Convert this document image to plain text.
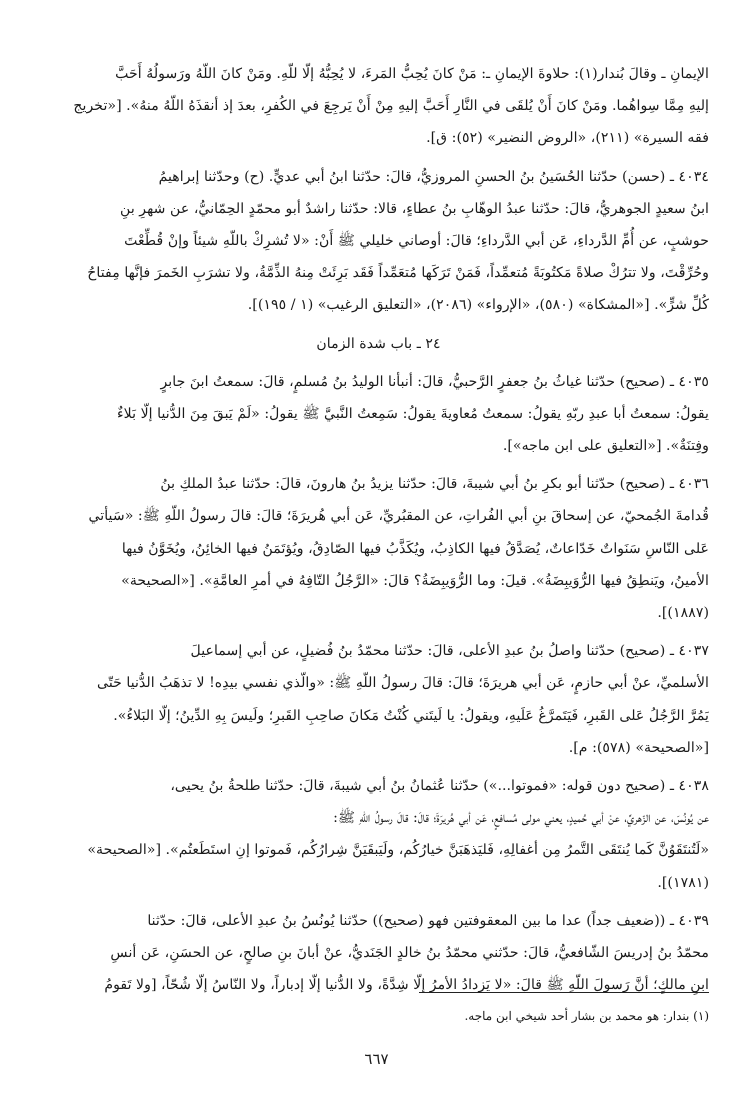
الإيمانِ ـ وقالَ بُندار(١): حلاوةَ الإيمانِ ـ: مَنْ كانَ يُحِبُّ المَرءَ، لا يُحِبُّهُ إلّا للّهِ. ومَنْ كانَ اللّهُ ورَسولُهُ أَحَبَّ
إليهِ مِمَّا سِواهُما. ومَنْ كانَ أَنْ يُلقَى في النَّارِ أَحَبَّ إليهِ مِنْ أَنْ يَرجِعَ في الكُفرِ، بعدَ إذ أنقذَهُ اللّهُ منهُ». [«تخريج
فقه السيرة» (٢١١)، «الروض النضير» (٥٢): ق].
٤٠٣٤ ـ (حسن) حدّثنا الحُسَينُ بنُ الحسنِ المروزيُّ، قالَ: حدّثنا ابنُ أبي عديٍّ. (ح) وحدّثنا إبراهيمُ
ابنُ سعيدٍ الجوهريُّ، قالَ: حدّثنا عبدُ الوهّابِ بنُ عطاءٍ، قالا: حدّثنا راشدٌ أبو محمّدٍ الحِمّانيُّ، عن شهرِ بنِ
حوشبٍ، عن أُمِّ الدَّرداءِ، عَن أبي الدَّرداءِ؛ قالَ: أوصاني خليلي ﷺ أَنْ: «لا تُشرِكْ باللّهِ شيئاً وإنْ قُطِّعْتَ
وحُرِّقْتَ، ولا تترُكْ صلاةً مَكتُوبَةً مُتعمِّداً، فَمَنْ تَرَكَها مُتعَمِّداً فَقَد بَرِئَتْ مِنهُ الذِّمَّةُ، ولا تشرَبِ الخَمرَ فإنَّها مِفتاحُ
كُلِّ شرٍّ». [«المشكاة» (٥٨٠)، «الإرواء» (٢٠٨٦)، «التعليق الرغيب» (١ / ١٩٥)].
٢٤ ـ باب شدة الزمان
٤٠٣٥ ـ (صحيح) حدّثنا غياثُ بنُ جعفرٍ الرَّحبيُّ، قالَ: أنبأنا الوليدُ بنُ مُسلمٍ، قالَ: سمعتُ ابنَ جابرٍ
يقولُ: سمعتُ أبا عبدِ ربّهِ يقولُ: سمعتُ مُعاويةَ يقولُ: سَمِعتُ النَّبيَّ ﷺ يقولُ: «لَمْ يَبقَ مِنَ الدُّنيا إلّا بَلاءٌ
وفِتنَةٌ». [«التعليق على ابن ماجه»].
٤٠٣٦ ـ (صحيح) حدّثنا أبو بكرِ بنُ أبي شيبةَ، قالَ: حدّثنا يزيدُ بنُ هارونَ، قالَ: حدّثنا عبدُ الملكِ بنُ
قُدامةَ الجُمحيّ، عن إسحاقَ بنِ أبي الفُراتِ، عن المقبُريِّ، عَن أبي هُريرَةَ؛ قالَ: قالَ رسولُ اللّهِ ﷺ: «سَيأتي
عَلى النّاسِ سَنَواتٌ خَدّاعاتٌ، يُصَدَّقُ فيها الكاذِبُ، ويُكَذَّبُ فيها الصّادِقُ، ويُؤتَمَنُ فيها الخائِنُ، ويُخَوَّنُ فيها
الأمينُ، ويَنطِقُ فيها الرُّوَيبِضَةُ». قيلَ: وما الرُّوَيبِضَةُ؟ قالَ: «الرَّجُلُ التّافِهُ في أمرِ العامَّةِ». [«الصحيحة»
(١٨٨٧)].
٤٠٣٧ ـ (صحيح) حدّثنا واصلُ بنُ عبدِ الأعلى، قالَ: حدّثنا محمّدُ بنُ فُضيلٍ، عن أبي إسماعيلَ
الأسلميِّ، عنْ أبي حازمٍ، عَن أبي هريرَةَ؛ قالَ: قالَ رسولُ اللّهِ ﷺ: «والّذي نفسي بيدِه! لا تذهَبُ الدُّنيا حَتّى
يَمُرَّ الرَّجُلُ عَلى القَبرِ، فَيَتَمرَّغُ عَلَيهِ، ويقولُ: يا لَيتَني كُنْتُ مَكانَ صاحِبِ القَبرِ؛ ولَيسَ بِهِ الدِّينُ؛ إلّا البَلاءُ».
[«الصحيحة» (٥٧٨): م].
٤٠٣٨ ـ (صحيح دون قوله: «فموتوا...») حدّثنا عُثمانُ بنُ أبي شيبةَ، قالَ: حدّثنا طلحةُ بنُ يحيى،
عن يُونُسَ، عن الزّهريِّ، عنْ أبي حُميدٍ، يعني مولى مُسافعٍ، عَن أبي هُريرَةَ؛ قالَ: قالَ رسولُ اللّهِ ﷺ:
«لَتُنتَقَوُنَّ كَما يُنتَقَى التَّمرُ مِن أغفالِهِ، فَليَذهَبَنَّ خيارُكُم، ولَيَبقَيَنَّ شِرارُكُم، فَموتوا إنِ استَطَعتُم». [«الصحيحة»
(١٧٨١)].
٤٠٣٩ ـ ((ضعيف جداً) عدا ما بين المعقوفتين فهو (صحيح)) حدّثنا يُونُسُ بنُ عبدِ الأعلى، قالَ: حدّثنا
محمّدُ بنُ إدريسَ الشّافعيُّ، قالَ: حدّثني محمّدُ بنُ خالدٍ الجَنَديُّ، عنْ أبانَ بنِ صالحٍ، عن الحسَنِ، عَن أنسِ
ابنِ مالكٍ؛ أنَّ رَسولَ اللّهِ ﷺ قالَ: «لا يَزدادُ الأمرُ إلّا شِدَّةً، ولا الدُّنيا إلّا إدباراً، ولا النّاسُ إلّا شُحّاً، [ولا تَقومُ
(١) بندار: هو محمد بن بشار أحد شيخي ابن ماجه.
٦٦٧
